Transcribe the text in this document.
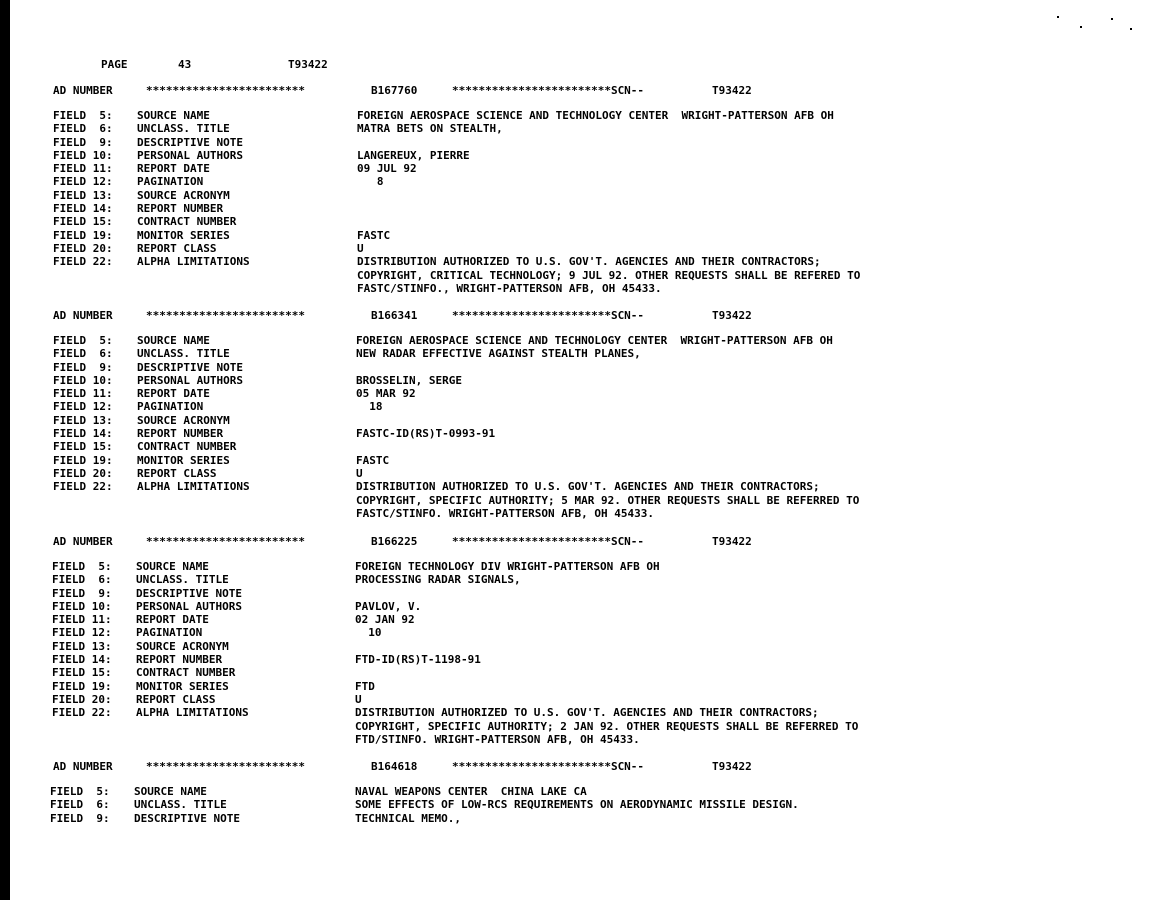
PAGE	43	T93422
AD NUMBER	************************	B167760	************************SCN--	T93422
FIELD  5: SOURCE NAME	FOREIGN AEROSPACE SCIENCE AND TECHNOLOGY CENTER  WRIGHT-PATTERSON AFB OH
FIELD  6: UNCLASS. TITLE	MATRA BETS ON STEALTH,
FIELD  9: DESCRIPTIVE NOTE
FIELD 10: PERSONAL AUTHORS	LANGEREUX, PIERRE
FIELD 11: REPORT DATE	09 JUL 92
FIELD 12: PAGINATION	8
FIELD 13: SOURCE ACRONYM
FIELD 14: REPORT NUMBER
FIELD 15: CONTRACT NUMBER
FIELD 19: MONITOR SERIES	FASTC
FIELD 20: REPORT CLASS	U
FIELD 22: ALPHA LIMITATIONS	DISTRIBUTION AUTHORIZED TO U.S. GOV'T. AGENCIES AND THEIR CONTRACTORS;
COPYRIGHT, CRITICAL TECHNOLOGY; 9 JUL 92. OTHER REQUESTS SHALL BE REFERED TO
FASTC/STINFO., WRIGHT-PATTERSON AFB, OH 45433.
AD NUMBER	************************	B166341	************************SCN--	T93422
FIELD  5: SOURCE NAME	FOREIGN AEROSPACE SCIENCE AND TECHNOLOGY CENTER  WRIGHT-PATTERSON AFB OH
FIELD  6: UNCLASS. TITLE	NEW RADAR EFFECTIVE AGAINST STEALTH PLANES,
FIELD  9: DESCRIPTIVE NOTE
FIELD 10: PERSONAL AUTHORS	BROSSELIN, SERGE
FIELD 11: REPORT DATE	05 MAR 92
FIELD 12: PAGINATION	18
FIELD 13: SOURCE ACRONYM
FIELD 14: REPORT NUMBER	FASTC-ID(RS)T-0993-91
FIELD 15: CONTRACT NUMBER
FIELD 19: MONITOR SERIES	FASTC
FIELD 20: REPORT CLASS	U
FIELD 22: ALPHA LIMITATIONS	DISTRIBUTION AUTHORIZED TO U.S. GOV'T. AGENCIES AND THEIR CONTRACTORS;
COPYRIGHT, SPECIFIC AUTHORITY; 5 MAR 92. OTHER REQUESTS SHALL BE REFERRED TO
FASTC/STINFO. WRIGHT-PATTERSON AFB, OH 45433.
AD NUMBER	************************	B166225	************************SCN--	T93422
FIELD  5: SOURCE NAME	FOREIGN TECHNOLOGY DIV WRIGHT-PATTERSON AFB OH
FIELD  6: UNCLASS. TITLE	PROCESSING RADAR SIGNALS,
FIELD  9: DESCRIPTIVE NOTE
FIELD 10: PERSONAL AUTHORS	PAVLOV, V.
FIELD 11: REPORT DATE	02 JAN 92
FIELD 12: PAGINATION	10
FIELD 13: SOURCE ACRONYM
FIELD 14: REPORT NUMBER	FTD-ID(RS)T-1198-91
FIELD 15: CONTRACT NUMBER
FIELD 19: MONITOR SERIES	FTD
FIELD 20: REPORT CLASS	U
FIELD 22: ALPHA LIMITATIONS	DISTRIBUTION AUTHORIZED TO U.S. GOV'T. AGENCIES AND THEIR CONTRACTORS;
COPYRIGHT, SPECIFIC AUTHORITY; 2 JAN 92. OTHER REQUESTS SHALL BE REFERRED TO
FTD/STINFO. WRIGHT-PATTERSON AFB, OH 45433.
AD NUMBER	************************	B164618	************************SCN--	T93422
FIELD  5: SOURCE NAME	NAVAL WEAPONS CENTER  CHINA LAKE CA
FIELD  6: UNCLASS. TITLE	SOME EFFECTS OF LOW-RCS REQUIREMENTS ON AERODYNAMIC MISSILE DESIGN.
FIELD  9: DESCRIPTIVE NOTE	TECHNICAL MEMO.,
